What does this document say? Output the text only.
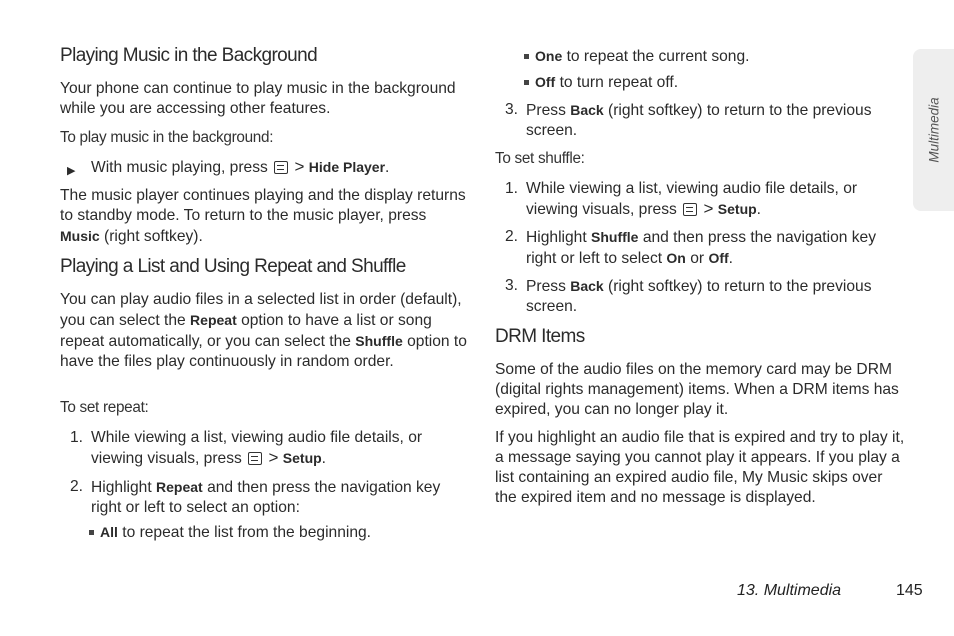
Playing Music in the Background

Your phone can continue to play music in the background while you are accessing other features.

To play music in the background:

▶ With music playing, press > Hide Player.

The music player continues playing and the display returns to standby mode. To return to the music player, press Music (right softkey).

Playing a List and Using Repeat and Shuffle

You can play audio files in a selected list in order (default), you can select the Repeat option to have a list or song repeat automatically, or you can select the Shuffle option to have the files play continuously in random order.

To set repeat:

1. While viewing a list, viewing audio file details, or viewing visuals, press > Setup.
2. Highlight Repeat and then press the navigation key right or left to select an option:
All to repeat the list from the beginning.
One to repeat the current song.
Off to turn repeat off.
3. Press Back (right softkey) to return to the previous screen.

To set shuffle:

1. While viewing a list, viewing audio file details, or viewing visuals, press > Setup.
2. Highlight Shuffle and then press the navigation key right or left to select On or Off.
3. Press Back (right softkey) to return to the previous screen.
DRM Items

Some of the audio files on the memory card may be DRM (digital rights management) items. When a DRM items has expired, you can no longer play it.

If you highlight an audio file that is expired and try to play it, a message saying you cannot play it appears. If you play a list containing an expired audio file, My Music skips over the expired item and no message is displayed.

Multimedia
13. Multimedia	145
